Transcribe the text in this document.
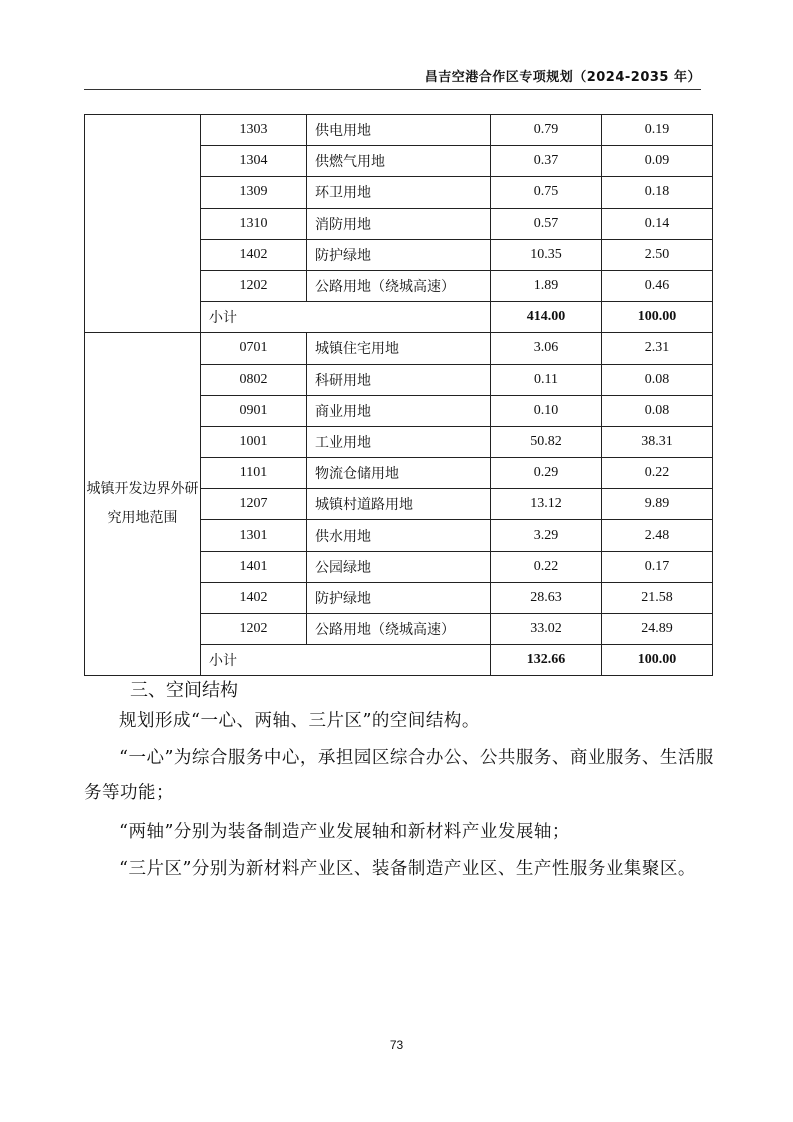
昌吉空港合作区专项规划（2024-2035 年）
	1303	供电用地	0.79	0.19
	1304	供燃气用地	0.37	0.09
	1309	环卫用地	0.75	0.18
	1310	消防用地	0.57	0.14
	1402	防护绿地	10.35	2.50
	1202	公路用地（绕城高速）	1.89	0.46
	小计		414.00	100.00
城镇开发边界外研究用地范围	0701	城镇住宅用地	3.06	2.31
	0802	科研用地	0.11	0.08
	0901	商业用地	0.10	0.08
	1001	工业用地	50.82	38.31
	1101	物流仓储用地	0.29	0.22
	1207	城镇村道路用地	13.12	9.89
	1301	供水用地	3.29	2.48
	1401	公园绿地	0.22	0.17
	1402	防护绿地	28.63	21.58
	1202	公路用地（绕城高速）	33.02	24.89
	小计		132.66	100.00
三、空间结构
规划形成“一心、两轴、三片区”的空间结构。
“一心”为综合服务中心，承担园区综合办公、公共服务、商业服务、生活服务等功能；
“两轴”分别为装备制造产业发展轴和新材料产业发展轴；
“三片区”分别为新材料产业区、装备制造产业区、生产性服务业集聚区。
73
